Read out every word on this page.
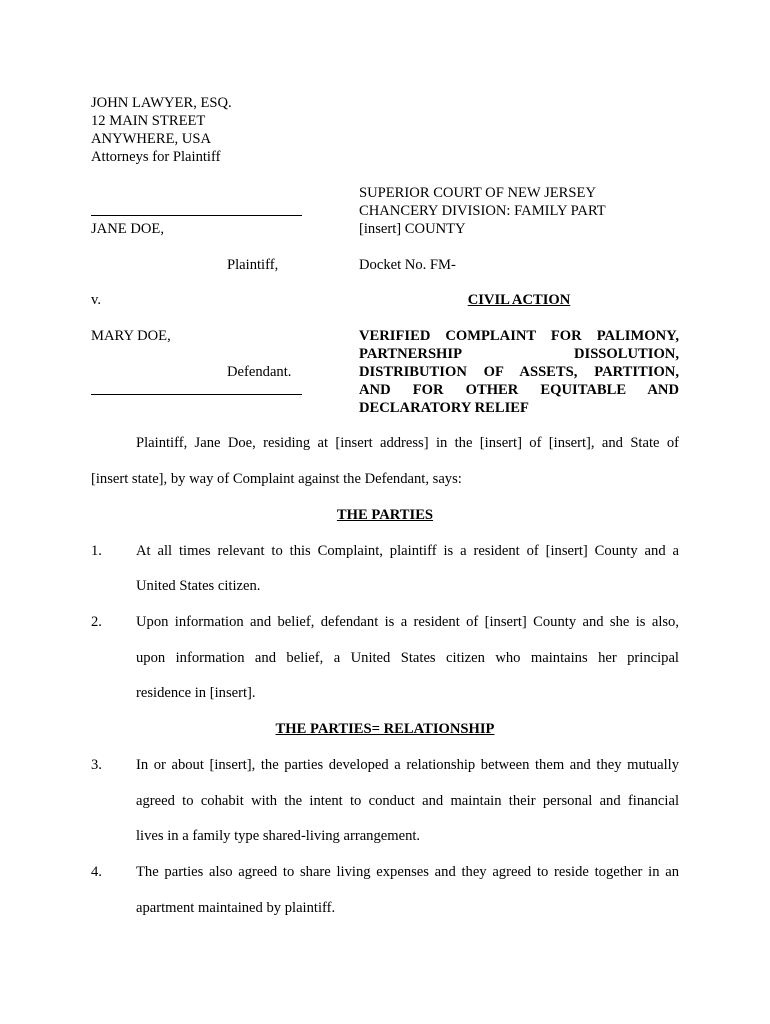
JOHN LAWYER, ESQ.
12 MAIN STREET
ANYWHERE, USA
Attorneys for Plaintiff
SUPERIOR COURT OF NEW JERSEY
CHANCERY DIVISION: FAMILY PART
[insert] COUNTY
JANE DOE,
Plaintiff,
v.
MARY DOE,
Defendant.
Docket No. FM-
CIVIL ACTION
VERIFIED COMPLAINT FOR PALIMONY,
PARTNERSHIP DISSOLUTION,
DISTRIBUTION OF ASSETS, PARTITION,
AND FOR OTHER EQUITABLE AND
DECLARATORY RELIEF
Plaintiff, Jane Doe, residing at [insert address] in the [insert] of [insert], and State of
[insert state], by way of Complaint against the Defendant, says:
THE PARTIES
1. At all times relevant to this Complaint, plaintiff is a resident of [insert] County and a
United States citizen.
2. Upon information and belief, defendant is a resident of [insert] County and she is also,
upon information and belief, a United States citizen who maintains her principal
residence in [insert].
THE PARTIES= RELATIONSHIP
3. In or about [insert], the parties developed a relationship between them and they mutually
agreed to cohabit with the intent to conduct and maintain their personal and financial
lives in a family type shared-living arrangement.
4. The parties also agreed to share living expenses and they agreed to reside together in an
apartment maintained by plaintiff.
